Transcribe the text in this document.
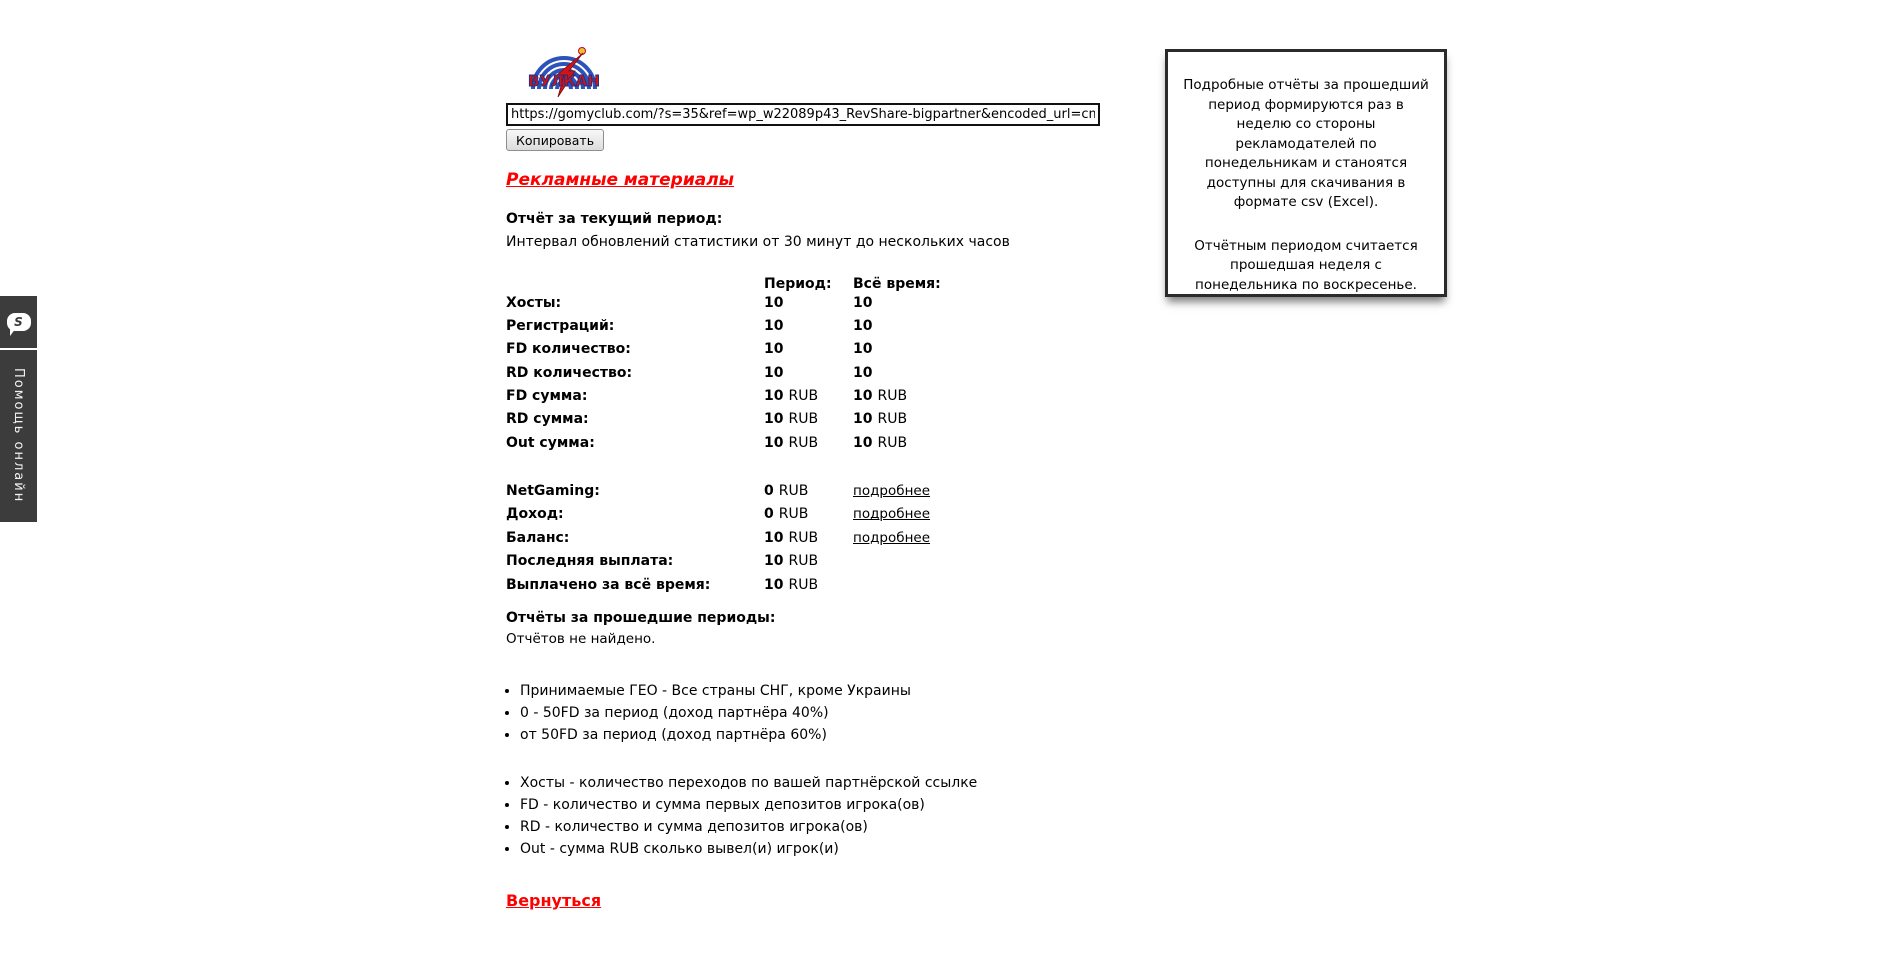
S
Помощь онлайн
ВУЛКАН
https://gomyclub.com/?s=35&ref=wp_w22089p43_RevShare-bigpartner&encoded_url=cmVnaXN0
Копировать
Рекламные материалы
Отчёт за текущий период:
Интервал обновлений статистики от 30 минут до нескольких часов
Период:	Всё время:
Хосты:	10	10
Регистраций:	10	10
FD количество:	10	10
RD количество:	10	10
FD сумма:	10 RUB	10 RUB
RD сумма:	10 RUB	10 RUB
Out сумма:	10 RUB	10 RUB
NetGaming:	0 RUB	подробнее
Доход:	0 RUB	подробнее
Баланс:	10 RUB	подробнее
Последняя выплата:	10 RUB
Выплачено за всё время:	10 RUB
Отчёты за прошедшие периоды:
Отчётов не найдено.
• Принимаемые ГЕО - Все страны СНГ, кроме Украины
• 0 - 50FD за период (доход партнёра 40%)
• от 50FD за период (доход партнёра 60%)
• Хосты - количество переходов по вашей партнёрской ссылке
• FD - количество и сумма первых депозитов игрока(ов)
• RD - количество и сумма депозитов игрока(ов)
• Out - сумма RUB сколько вывел(и) игрок(и)
Вернуться

Подробные отчёты за прошедший период формируются раз в неделю со стороны рекламодателей по понедельникам и станоятся доступны для скачивания в формате csv (Excel).

Отчётным периодом считается прошедшая неделя с понедельника по воскресенье.
